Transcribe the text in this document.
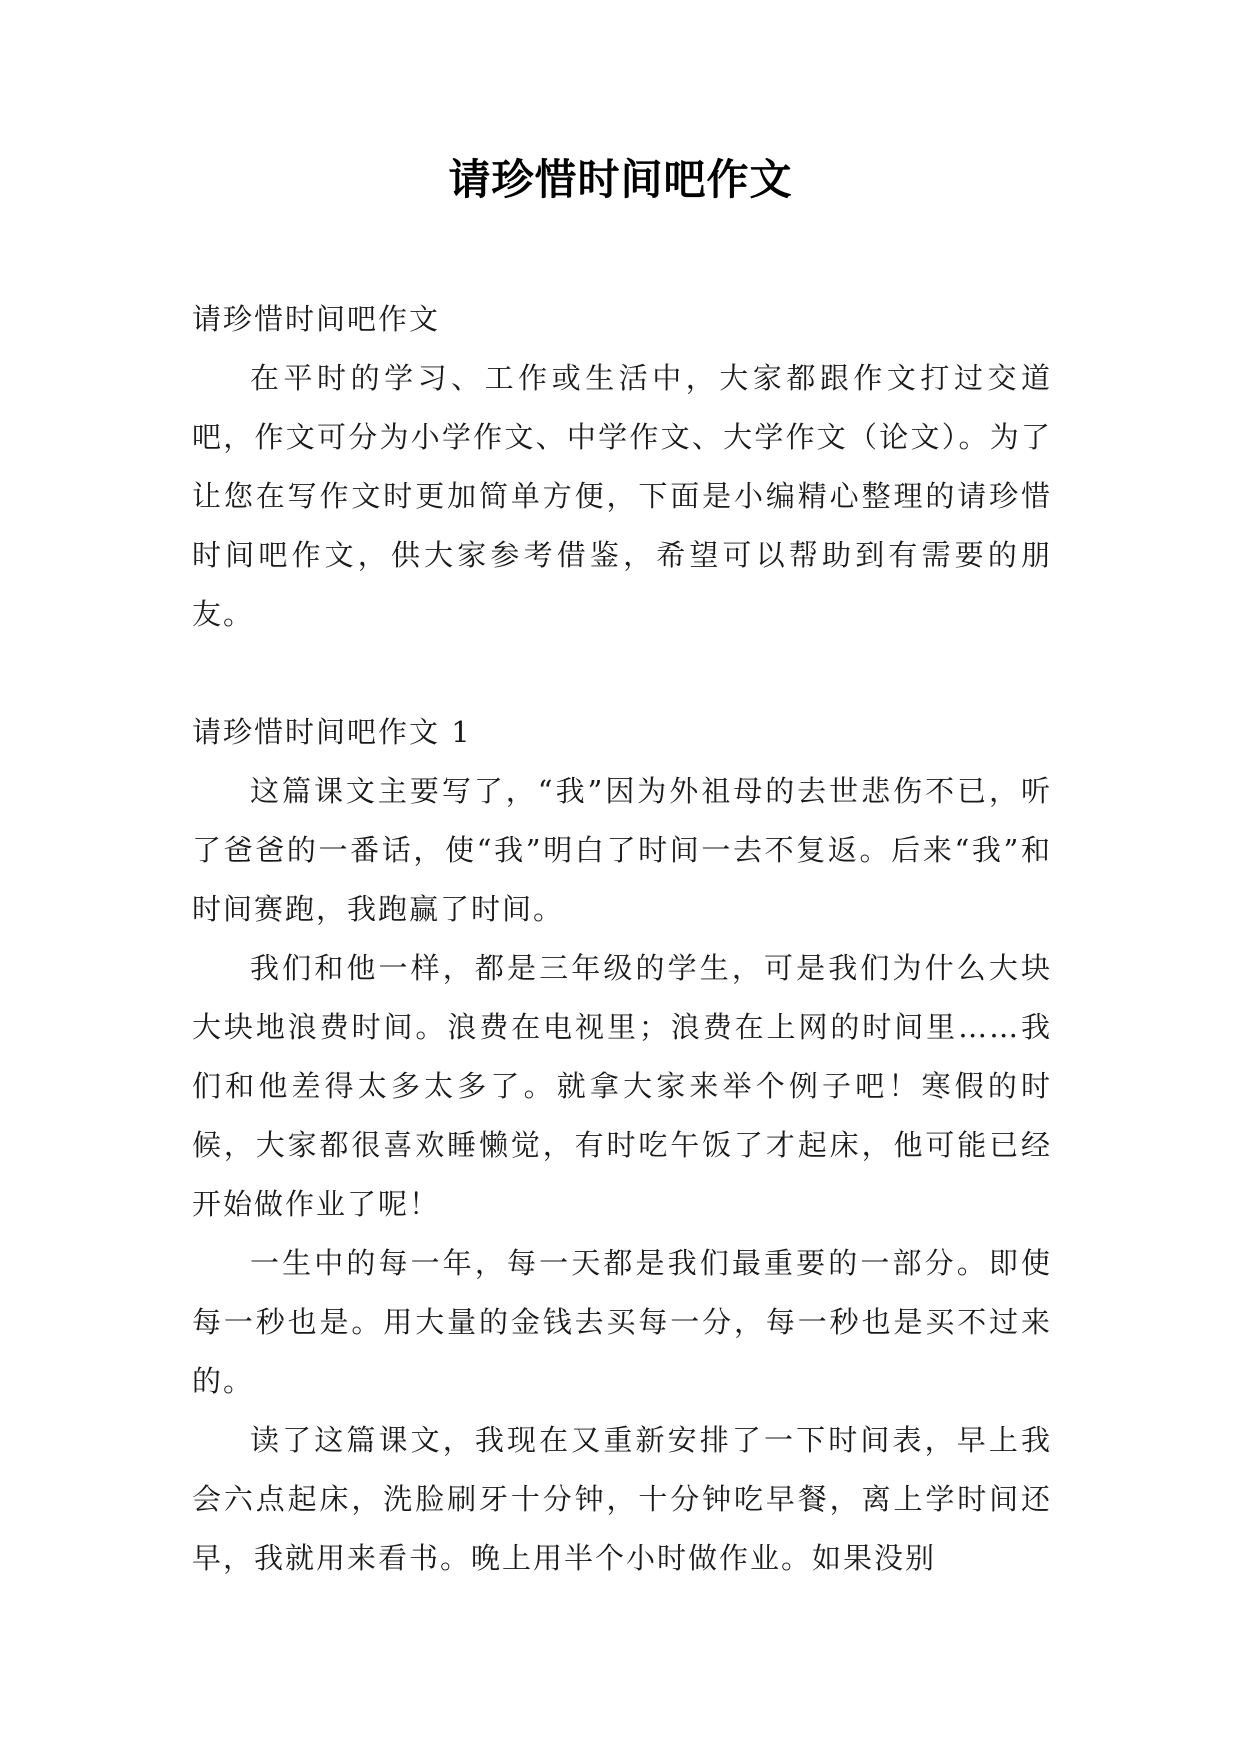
请珍惜时间吧作文

请珍惜时间吧作文

在平时的学习、工作或生活中，大家都跟作文打过交道吧，作文可分为小学作文、中学作文、大学作文（论文）。为了让您在写作文时更加简单方便，下面是小编精心整理的请珍惜时间吧作文，供大家参考借鉴，希望可以帮助到有需要的朋友。

请珍惜时间吧作文 1

这篇课文主要写了，“我”因为外祖母的去世悲伤不已，听了爸爸的一番话，使“我”明白了时间一去不复返。后来“我”和时间赛跑，我跑赢了时间。

我们和他一样，都是三年级的学生，可是我们为什么大块大块地浪费时间。浪费在电视里；浪费在上网的时间里……我们和他差得太多太多了。就拿大家来举个例子吧！寒假的时候，大家都很喜欢睡懒觉，有时吃午饭了才起床，他可能已经开始做作业了呢！

一生中的每一年，每一天都是我们最重要的一部分。即使每一秒也是。用大量的金钱去买每一分，每一秒也是买不过来的。

读了这篇课文，我现在又重新安排了一下时间表，早上我会六点起床，洗脸刷牙十分钟，十分钟吃早餐，离上学时间还早，我就用来看书。晚上用半个小时做作业。如果没别
